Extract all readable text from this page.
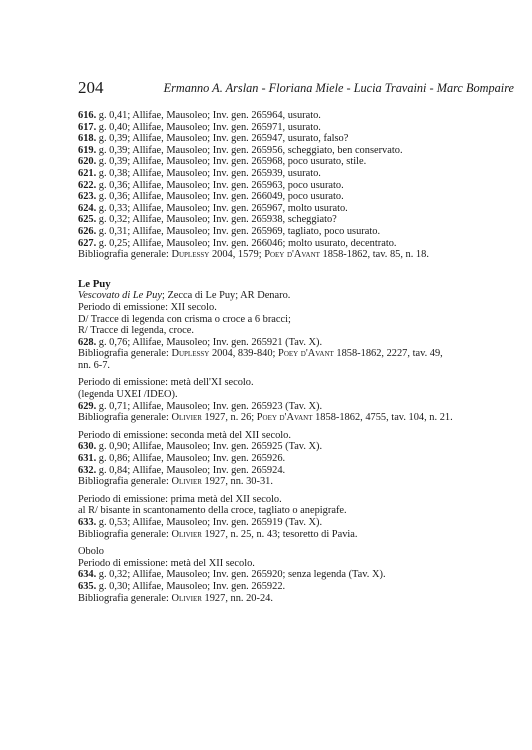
204	Ermanno A. Arslan - Floriana Miele - Lucia Travaini - Marc Bompaire
616. g. 0,41; Allifae, Mausoleo; Inv. gen. 265964, usurato.
617. g. 0,40; Allifae, Mausoleo; Inv. gen. 265971, usurato.
618. g. 0,39; Allifae, Mausoleo; Inv. gen. 265947, usurato, falso?
619. g. 0,39; Allifae, Mausoleo; Inv. gen. 265956, scheggiato, ben conservato.
620. g. 0,39; Allifae, Mausoleo; Inv. gen. 265968, poco usurato, stile.
621. g. 0,38; Allifae, Mausoleo; Inv. gen. 265939, usurato.
622. g. 0,36; Allifae, Mausoleo; Inv. gen. 265963, poco usurato.
623. g. 0,36; Allifae, Mausoleo; Inv. gen. 266049, poco usurato.
624. g. 0,33; Allifae, Mausoleo; Inv. gen. 265967, molto usurato.
625. g. 0,32; Allifae, Mausoleo; Inv. gen. 265938, scheggiato?
626. g. 0,31; Allifae, Mausoleo; Inv. gen. 265969, tagliato, poco usurato.
627. g. 0,25; Allifae, Mausoleo; Inv. gen. 266046; molto usurato, decentrato.
Bibliografia generale: Duplessy 2004, 1579; Poey d'Avant 1858-1862, tav. 85, n. 18.
Le Puy
Vescovato di Le Puy; Zecca di Le Puy; AR Denaro.
Periodo di emissione: XII secolo.
D/ Tracce di legenda con crisma o croce a 6 bracci;
R/ Tracce di legenda, croce.
628. g. 0,76; Allifae, Mausoleo; Inv. gen. 265921 (Tav. X).
Bibliografia generale: Duplessy 2004, 839-840; Poey d'Avant 1858-1862, 2227, tav. 49,
nn. 6-7.
Periodo di emissione: metà dell'XI secolo.
(legenda UXEI /IDEO).
629. g. 0,71; Allifae, Mausoleo; Inv. gen. 265923 (Tav. X).
Bibliografia generale: Olivier 1927, n. 26; Poey d'Avant 1858-1862, 4755, tav. 104, n. 21.
Periodo di emissione: seconda metà del XII secolo.
630. g. 0,90; Allifae, Mausoleo; Inv. gen. 265925 (Tav. X).
631. g. 0,86; Allifae, Mausoleo; Inv. gen. 265926.
632. g. 0,84; Allifae, Mausoleo; Inv. gen. 265924.
Bibliografia generale: Olivier 1927, nn. 30-31.
Periodo di emissione: prima metà del XII secolo.
al R/ bisante in scantonamento della croce, tagliato o anepigrafe.
633. g. 0,53; Allifae, Mausoleo; Inv. gen. 265919 (Tav. X).
Bibliografia generale: Olivier 1927, n. 25, n. 43; tesoretto di Pavia.
Obolo
Periodo di emissione: metà del XII secolo.
634. g. 0,32; Allifae, Mausoleo; Inv. gen. 265920; senza legenda (Tav. X).
635. g. 0,30; Allifae, Mausoleo; Inv. gen. 265922.
Bibliografia generale: Olivier 1927, nn. 20-24.
